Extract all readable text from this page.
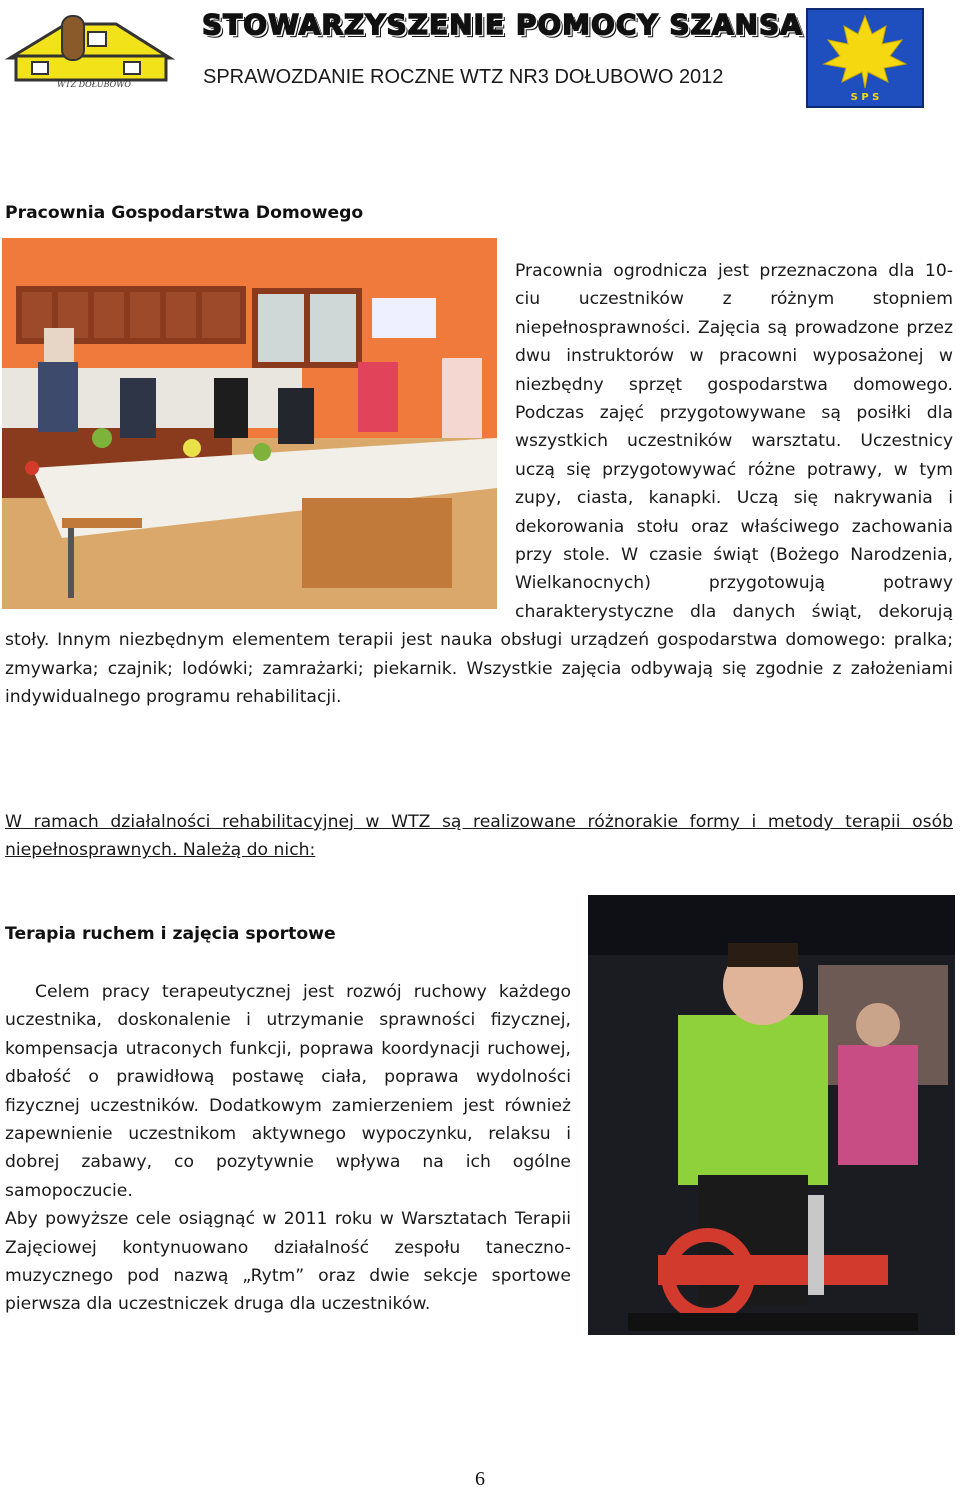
WTZ DOŁUBOWO
STOWARZYSZENIE POMOCY SZANSA
SPRAWOZDANIE ROCZNE WTZ NR3 DOŁUBOWO 2012
S P S
Pracownia Gospodarstwa Domowego
Pracownia ogrodnicza jest przeznaczona dla 10-ciu uczestników z różnym stopniem niepełnosprawności. Zajęcia są prowadzone przez dwu instruktorów w pracowni wyposażonej w niezbędny sprzęt gospodarstwa domowego. Podczas zajęć przygotowywane są posiłki dla wszystkich uczestników warsztatu. Uczestnicy uczą się przygotowywać różne potrawy, w tym zupy, ciasta, kanapki. Uczą się nakrywania i dekorowania stołu oraz właściwego zachowania przy stole. W czasie świąt (Bożego Narodzenia, Wielkanocnych) przygotowują potrawy charakterystyczne dla danych świąt, dekorują stoły. Innym niezbędnym elementem terapii jest nauka obsługi urządzeń gospodarstwa domowego: pralka; zmywarka; czajnik; lodówki; zamrażarki; piekarnik. Wszystkie zajęcia odbywają się zgodnie z założeniami indywidualnego programu rehabilitacji.
W ramach działalności rehabilitacyjnej w WTZ są realizowane różnorakie formy i metody terapii osób niepełnosprawnych. Należą do nich:
Terapia ruchem i zajęcia sportowe
Celem pracy terapeutycznej jest rozwój ruchowy każdego uczestnika, doskonalenie i utrzymanie sprawności fizycznej, kompensacja utraconych funkcji, poprawa koordynacji ruchowej, dbałość o prawidłową postawę ciała, poprawa wydolności fizycznej uczestników. Dodatkowym zamierzeniem jest również zapewnienie uczestnikom aktywnego wypoczynku, relaksu i dobrej zabawy, co pozytywnie wpływa na ich ogólne samopoczucie.
Aby powyższe cele osiągnąć w 2011 roku w Warsztatach Terapii Zajęciowej kontynuowano działalność zespołu taneczno-muzycznego pod nazwą „Rytm” oraz dwie sekcje sportowe pierwsza dla uczestniczek druga dla uczestników.
6
